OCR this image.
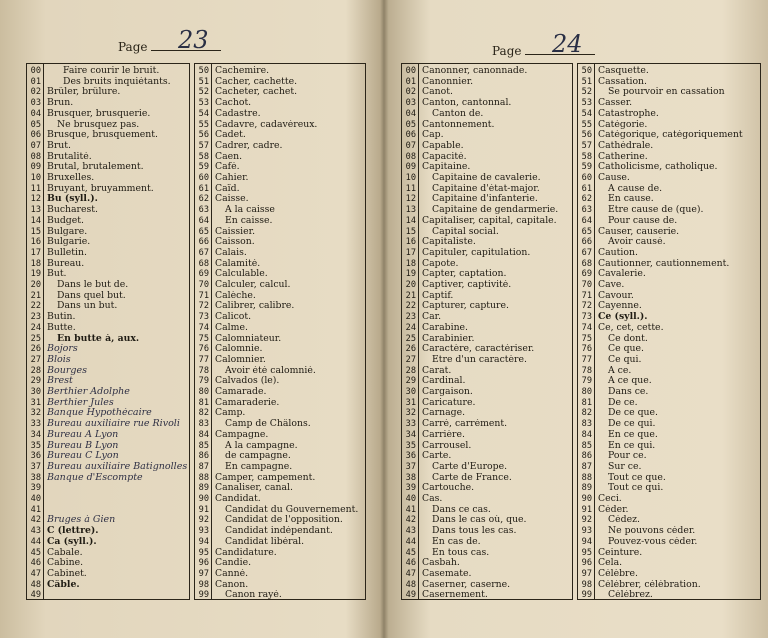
Page 23
00	Faire courir le bruit.
01	Des bruits inquiétants.
02 Brûler, brûlure.
03 Brun.
04 Brusquer, brusquerie.
05	Ne brusquez pas.
06 Brusque, brusquement.
07 Brut.
08 Brutalité.
09 Brutal, brutalement.
10 Bruxelles.
11 Bruyant, bruyamment.
12 Bu (syll.).
13 Bucharest.
14 Budget.
15 Bulgare.
16 Bulgarie.
17 Bulletin.
18 Bureau.
19 But.
20	Dans le but de.
21	Dans quel but.
22	Dans un but.
23 Butin.
24 Butte.
25	En butte à, aux.
26 Bojors
27 Blois
28 Bourges
29 Brest
30 Berthier Adolphe
31 Berthier Jules
32 Banque Hypothécaire
33 Bureau auxiliaire rue Rivoli
34 Bureau A Lyon
35 Bureau B Lyon
36 Bureau C Lyon
37 Bureau auxiliaire Batignolles
38 Banque d'Escompte
39
40
41
42 Bruges à Gien
43 C (lettre).
44 Ca (syll.).
45 Cabale.
46 Cabine.
47 Cabinet.
48 Câble.
49
50 Cachemire.
51 Cacher, cachette.
52 Cacheter, cachet.
53 Cachot.
54 Cadastre.
55 Cadavre, cadavéreux.
56 Cadet.
57 Cadrer, cadre.
58 Caen.
59 Café.
60 Cahier.
61 Caïd.
62 Caisse.
63	A la caisse
64	En caisse.
65 Caissier.
66 Caisson.
67 Calais.
68 Calamité.
69 Calculable.
70 Calculer, calcul.
71 Calèche.
72 Calibrer, calibre.
73 Calicot.
74 Calme.
75 Calomniateur.
76 Calomnie.
77 Calomnier.
78	Avoir été calomnié.
79 Calvados (le).
80 Camarade.
81 Camaraderie.
82 Camp.
83	Camp de Châlons.
84 Campagne.
85	A la campagne.
86	de campagne.
87	En campagne.
88 Camper, campement.
89 Canaliser, canal.
90 Candidat.
91	Candidat du Gouvernement.
92	Candidat de l'opposition.
93	Candidat indépendant.
94	Candidat libéral.
95 Candidature.
96 Candie.
97 Canné.
98 Canon.
99	Canon rayé.
Page 24
00 Canonner, canonnade.
01 Canonnier.
02 Canot.
03 Canton, cantonnal.
04	Canton de.
05 Cantonnement.
06 Cap.
07 Capable.
08 Capacité.
09 Capitaine.
10	Capitaine de cavalerie.
11	Capitaine d'état-major.
12	Capitaine d'infanterie.
13	Capitaine de gendarmerie.
14 Capitaliser, capital, capitale.
15	Capital social.
16 Capitaliste.
17 Capituler, capitulation.
18 Capote.
19 Capter, captation.
20 Captiver, captivité.
21 Captif.
22 Capturer, capture.
23 Car.
24 Carabine.
25 Carabinier.
26 Caractère, caractériser.
27	Etre d'un caractère.
28 Carat.
29 Cardinal.
30 Cargaison.
31 Caricature.
32 Carnage.
33 Carré, carrément.
34 Carrière.
35 Carrousel.
36 Carte.
37	Carte d'Europe.
38	Carte de France.
39 Cartouche.
40 Cas.
41	Dans ce cas.
42	Dans le cas où, que.
43	Dans tous les cas.
44	En cas de.
45	En tous cas.
46 Casbah.
47 Casemate.
48 Caserner, caserne.
49 Casernement.
50 Casquette.
51 Cassation.
52	Se pourvoir en cassation
53 Casser.
54 Catastrophe.
55 Catégorie.
56 Catégorique, catégoriquement
57 Cathédrale.
58 Catherine.
59 Catholicisme, catholique.
60 Cause.
61	A cause de.
62	En cause.
63	Etre cause de (que).
64	Pour cause de.
65 Causer, causerie.
66	Avoir causé.
67 Caution.
68 Cautionner, cautionnement.
69 Cavalerie.
70 Cave.
71 Cavour.
72 Cayenne.
73 Ce (syll.).
74 Ce, cet, cette.
75	Ce dont.
76	Ce que.
77	Ce qui.
78	A ce.
79	A ce que.
80	Dans ce.
81	De ce.
82	De ce que.
83	De ce qui.
84	En ce que.
85	En ce qui.
86	Pour ce.
87	Sur ce.
88	Tout ce que.
89	Tout ce qui.
90 Ceci.
91 Céder.
92	Cédez.
93	Ne pouvons céder.
94	Pouvez-vous céder.
95 Ceinture.
96 Cela.
97 Célèbre.
98 Célébrer, célébration.
99	Célébrez.
